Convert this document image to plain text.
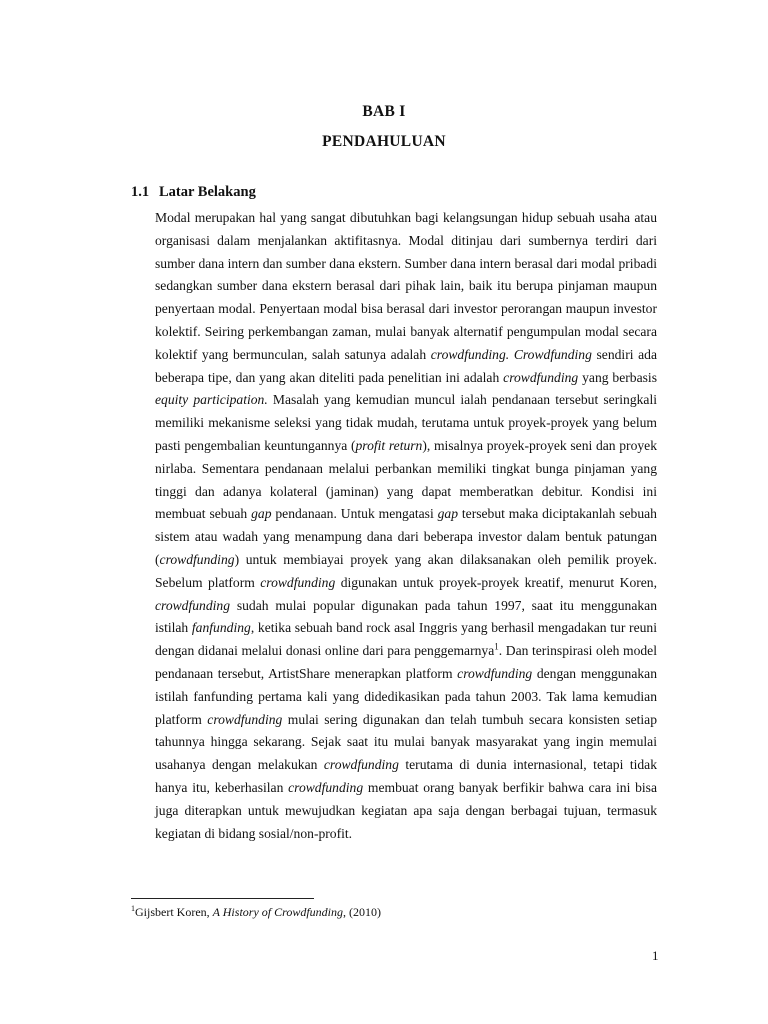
BAB I
PENDAHULUAN
1.1 Latar Belakang
Modal merupakan hal yang sangat dibutuhkan bagi kelangsungan hidup sebuah usaha atau organisasi dalam menjalankan aktifitasnya. Modal ditinjau dari sumbernya terdiri dari sumber dana intern dan sumber dana ekstern. Sumber dana intern berasal dari modal pribadi sedangkan sumber dana ekstern berasal dari pihak lain, baik itu berupa pinjaman maupun penyertaan modal. Penyertaan modal bisa berasal dari investor perorangan maupun investor kolektif. Seiring perkembangan zaman, mulai banyak alternatif pengumpulan modal secara kolektif yang bermunculan, salah satunya adalah crowdfunding. Crowdfunding sendiri ada beberapa tipe, dan yang akan diteliti pada penelitian ini adalah crowdfunding yang berbasis equity participation. Masalah yang kemudian muncul ialah pendanaan tersebut seringkali memiliki mekanisme seleksi yang tidak mudah, terutama untuk proyek-proyek yang belum pasti pengembalian keuntungannya (profit return), misalnya proyek-proyek seni dan proyek nirlaba. Sementara pendanaan melalui perbankan memiliki tingkat bunga pinjaman yang tinggi dan adanya kolateral (jaminan) yang dapat memberatkan debitur. Kondisi ini membuat sebuah gap pendanaan. Untuk mengatasi gap tersebut maka diciptakanlah sebuah sistem atau wadah yang menampung dana dari beberapa investor dalam bentuk patungan (crowdfunding) untuk membiayai proyek yang akan dilaksanakan oleh pemilik proyek. Sebelum platform crowdfunding digunakan untuk proyek-proyek kreatif, menurut Koren, crowdfunding sudah mulai popular digunakan pada tahun 1997, saat itu menggunakan istilah fanfunding, ketika sebuah band rock asal Inggris yang berhasil mengadakan tur reuni dengan didanai melalui donasi online dari para penggemarnya$^1$. Dan terinspirasi oleh model pendanaan tersebut, ArtistShare menerapkan platform crowdfunding dengan menggunakan istilah fanfunding pertama kali yang didedikasikan pada tahun 2003. Tak lama kemudian platform crowdfunding mulai sering digunakan dan telah tumbuh secara konsisten setiap tahunnya hingga sekarang. Sejak saat itu mulai banyak masyarakat yang ingin memulai usahanya dengan melakukan crowdfunding terutama di dunia internasional, tetapi tidak hanya itu, keberhasilan crowdfunding membuat orang banyak berfikir bahwa cara ini bisa juga diterapkan untuk mewujudkan kegiatan apa saja dengan berbagai tujuan, termasuk kegiatan di bidang sosial/non-profit.
$^1$Gijsbert Koren, A History of Crowdfunding, (2010)
1
